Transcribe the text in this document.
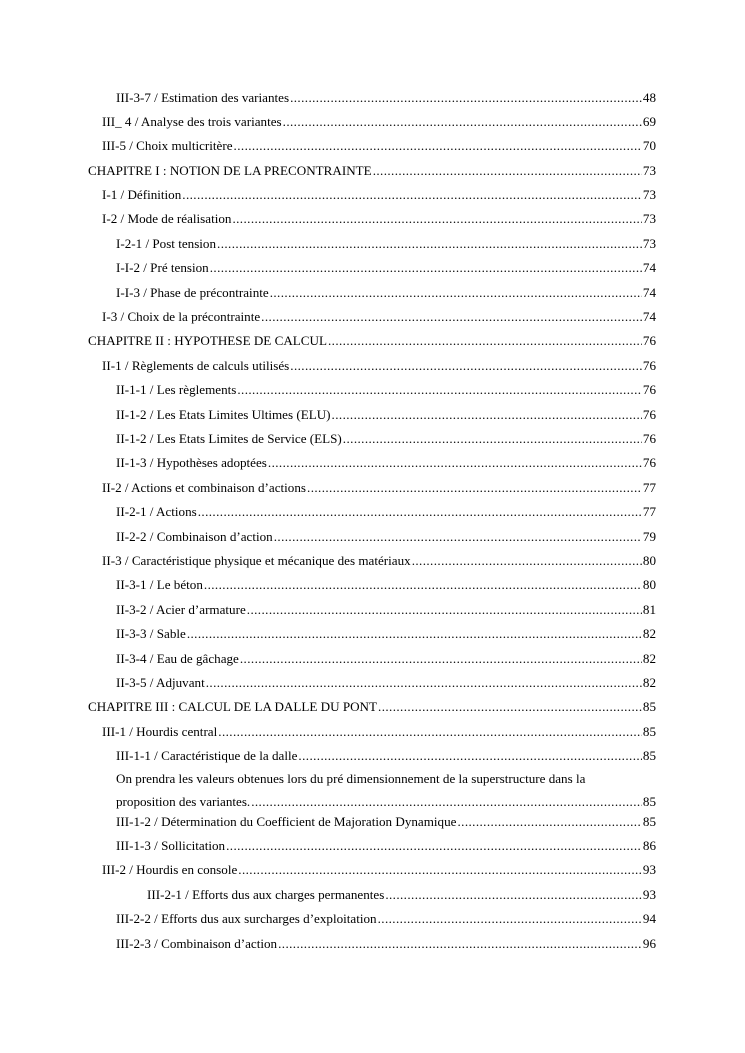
III-3-7 / Estimation des variantes .....	48
III_ 4 / Analyse des trois variantes .....	69
III-5 / Choix multicritère .....	70
CHAPITRE I : NOTION DE LA PRECONTRAINTE .....	73
I-1 / Définition .....	73
I-2 / Mode de réalisation .....	73
I-2-1 / Post tension .....	73
I-I-2 / Pré tension .....	74
I-I-3 / Phase de précontrainte .....	74
I-3 / Choix de la précontrainte .....	74
CHAPITRE II : HYPOTHESE DE CALCUL .....	76
II-1 / Règlements de calculs utilisés .....	76
II-1-1 / Les règlements .....	76
II-1-2 / Les Etats Limites Ultimes (ELU) .....	76
II-1-2 / Les Etats Limites de Service (ELS) .....	76
II-1-3 / Hypothèses adoptées .....	76
II-2 / Actions et combinaison d’actions .....	77
II-2-1 / Actions .....	77
II-2-2 / Combinaison d’action .....	79
II-3 / Caractéristique physique et mécanique des matériaux .....	80
II-3-1 / Le béton .....	80
II-3-2 / Acier d’armature .....	81
II-3-3 / Sable .....	82
II-3-4 / Eau de gâchage .....	82
II-3-5 / Adjuvant .....	82
CHAPITRE III : CALCUL DE LA DALLE DU PONT .....	85
III-1 / Hourdis central .....	85
III-1-1 / Caractéristique de la dalle .....	85
On prendra les valeurs obtenues lors du pré dimensionnement de la superstructure dans la
proposition des variantes. .....	85
III-1-2 / Détermination du Coefficient de Majoration Dynamique .....	85
III-1-3 / Sollicitation .....	86
III-2 / Hourdis en console .....	93
III-2-1 / Efforts dus aux charges permanentes .....	93
III-2-2 / Efforts dus aux surcharges d’exploitation .....	94
III-2-3 / Combinaison d’action .....	96
